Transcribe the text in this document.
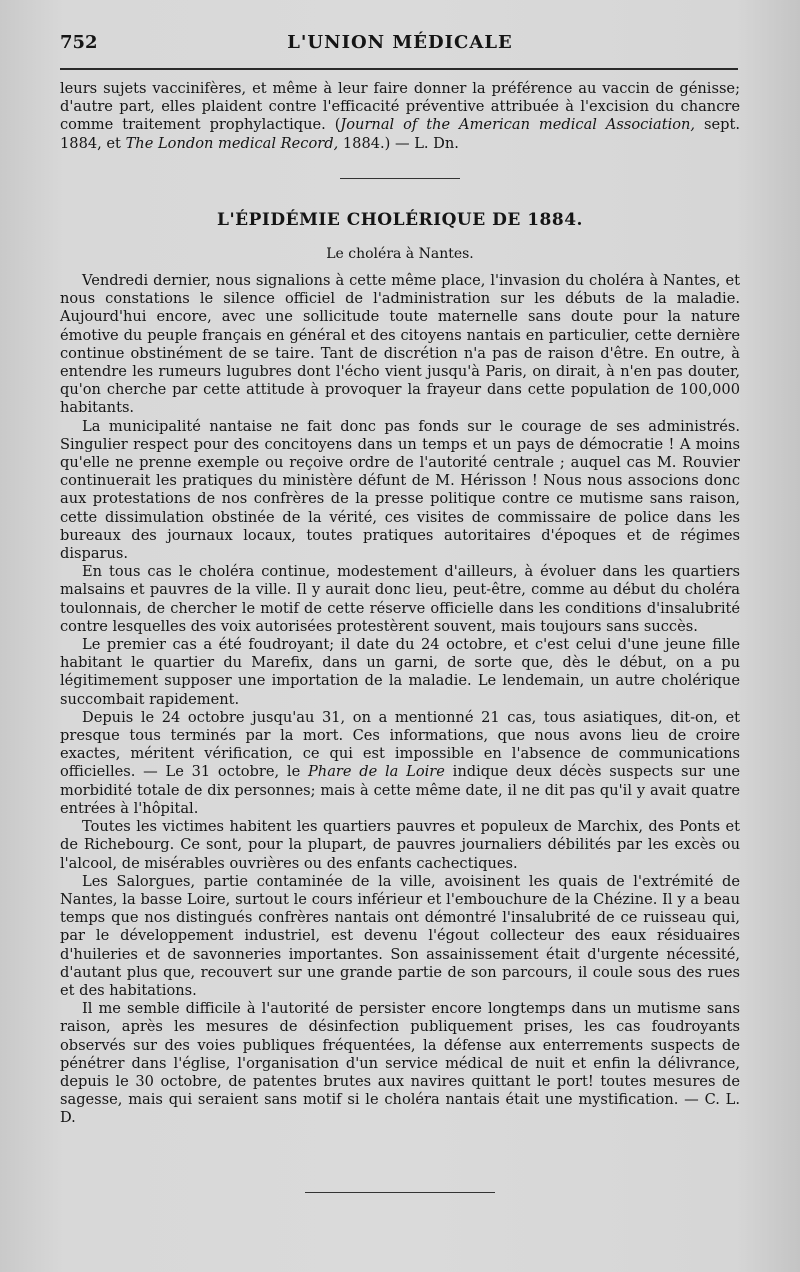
752	L'UNION MÉDICALE

leurs sujets vaccinifères, et même à leur faire donner la préférence au vaccin de génisse; d'autre part, elles plaident contre l'efficacité préventive attribuée à l'excision du chancre comme traitement prophylactique. (Journal of the American medical Association, sept. 1884, et The London medical Record, 1884.) — L. Dn.

L'ÉPIDÉMIE CHOLÉRIQUE DE 1884.
Le choléra à Nantes.

Vendredi dernier, nous signalions à cette même place, l'invasion du choléra à Nantes, et nous constations le silence officiel de l'administration sur les débuts de la maladie. Aujourd'hui encore, avec une sollicitude toute maternelle sans doute pour la nature émotive du peuple français en général et des citoyens nantais en particulier, cette dernière continue obstinément de se taire. Tant de discrétion n'a pas de raison d'être. En outre, à entendre les rumeurs lugubres dont l'écho vient jusqu'à Paris, on dirait, à n'en pas douter, qu'on cherche par cette attitude à provoquer la frayeur dans cette population de 100,000 habitants.

La municipalité nantaise ne fait donc pas fonds sur le courage de ses administrés. Singulier respect pour des concitoyens dans un temps et un pays de démocratie ! A moins qu'elle ne prenne exemple ou reçoive ordre de l'autorité centrale ; auquel cas M. Rouvier continuerait les pratiques du ministère défunt de M. Hérisson ! Nous nous associons donc aux protestations de nos confrères de la presse politique contre ce mutisme sans raison, cette dissimulation obstinée de la vérité, ces visites de commissaire de police dans les bureaux des journaux locaux, toutes pratiques autoritaires d'époques et de régimes disparus.

En tous cas le choléra continue, modestement d'ailleurs, à évoluer dans les quartiers malsains et pauvres de la ville. Il y aurait donc lieu, peut-être, comme au début du choléra toulonnais, de chercher le motif de cette réserve officielle dans les conditions d'insalubrité contre lesquelles des voix autorisées protestèrent souvent, mais toujours sans succès.

Le premier cas a été foudroyant; il date du 24 octobre, et c'est celui d'une jeune fille habitant le quartier du Marefix, dans un garni, de sorte que, dès le début, on a pu légitimement supposer une importation de la maladie. Le lendemain, un autre cholérique succombait rapidement.

Depuis le 24 octobre jusqu'au 31, on a mentionné 21 cas, tous asiatiques, dit-on, et presque tous terminés par la mort. Ces informations, que nous avons lieu de croire exactes, méritent vérification, ce qui est impossible en l'absence de communications officielles. — Le 31 octobre, le Phare de la Loire indique deux décès suspects sur une morbidité totale de dix personnes; mais à cette même date, il ne dit pas qu'il y avait quatre entrées à l'hôpital.

Toutes les victimes habitent les quartiers pauvres et populeux de Marchix, des Ponts et de Richebourg. Ce sont, pour la plupart, de pauvres journaliers débilités par les excès ou l'alcool, de misérables ouvrières ou des enfants cachectiques.

Les Salorgues, partie contaminée de la ville, avoisinent les quais de l'extrémité de Nantes, la basse Loire, surtout le cours inférieur et l'embouchure de la Chézine. Il y a beau temps que nos distingués confrères nantais ont démontré l'insalubrité de ce ruisseau qui, par le développement industriel, est devenu l'égout collecteur des eaux résiduaires d'huileries et de savonneries importantes. Son assainissement était d'urgente nécessité, d'autant plus que, recouvert sur une grande partie de son parcours, il coule sous des rues et des habitations.

Il me semble difficile à l'autorité de persister encore longtemps dans un mutisme sans raison, après les mesures de désinfection publiquement prises, les cas foudroyants observés sur des voies publiques fréquentées, la défense aux enterrements suspects de pénétrer dans l'église, l'organisation d'un service médical de nuit et enfin la délivrance, depuis le 30 octobre, de patentes brutes aux navires quittant le port! toutes mesures de sagesse, mais qui seraient sans motif si le choléra nantais était une mystification. — C. L. D.
